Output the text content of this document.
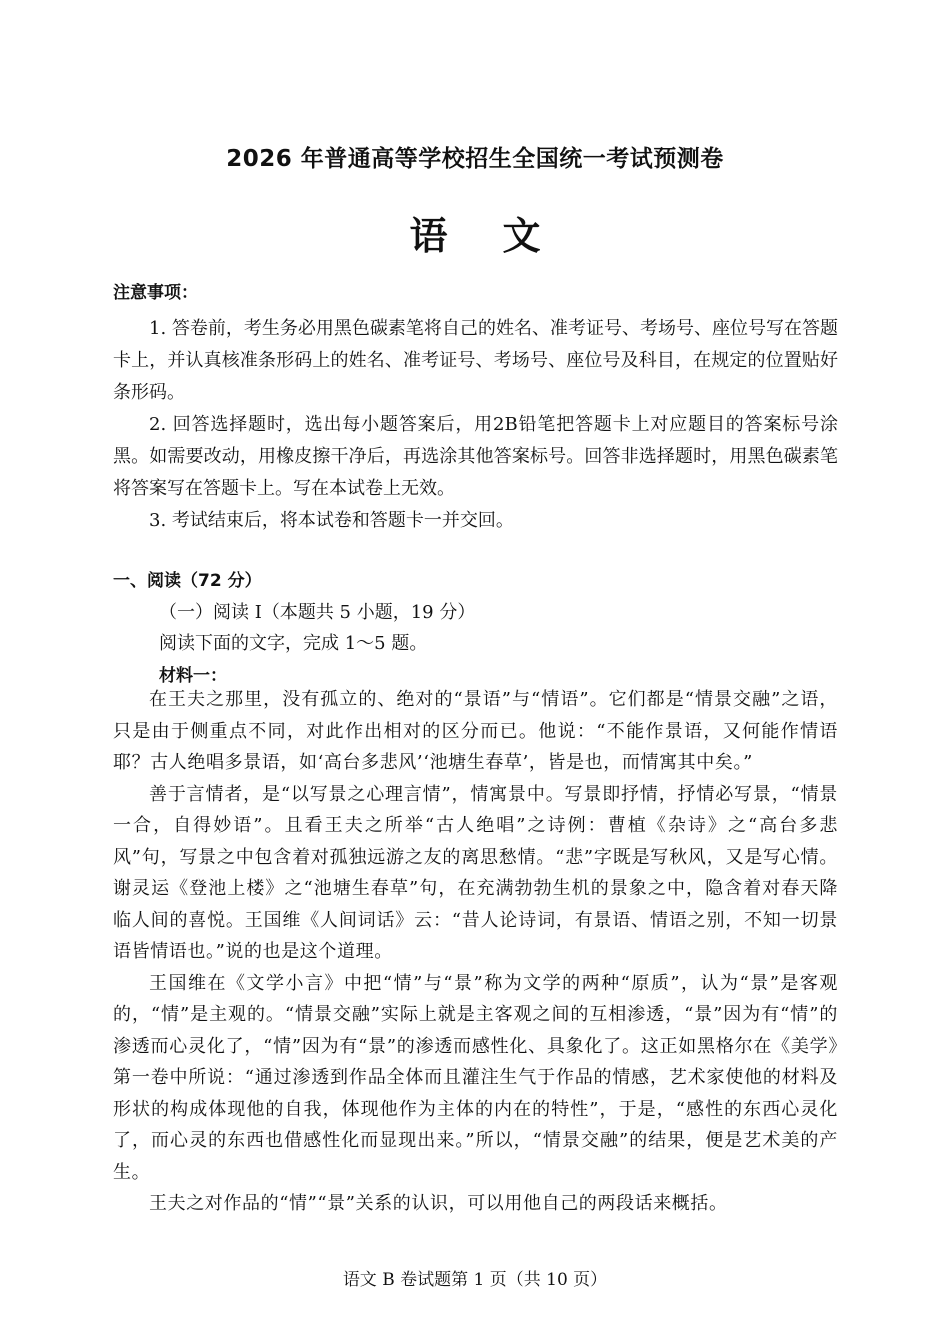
2026 年普通高等学校招生全国统一考试预测卷
语文
注意事项：

1. 答卷前，考生务必用黑色碳素笔将自己的姓名、准考证号、考场号、座位号写在答题卡上，并认真核准条形码上的姓名、准考证号、考场号、座位号及科目，在规定的位置贴好条形码。

2. 回答选择题时，选出每小题答案后，用2B铅笔把答题卡上对应题目的答案标号涂黑。如需要改动，用橡皮擦干净后，再选涂其他答案标号。回答非选择题时，用黑色碳素笔将答案写在答题卡上。写在本试卷上无效。

3. 考试结束后，将本试卷和答题卡一并交回。

一、阅读（72 分）
（一）阅读 I（本题共 5 小题，19 分）
阅读下面的文字，完成 1～5 题。
材料一：

在王夫之那里，没有孤立的、绝对的“景语”与“情语”。它们都是“情景交融”之语，只是由于侧重点不同，对此作出相对的区分而已。他说：“不能作景语，又何能作情语耶？古人绝唱多景语，如‘高台多悲风’‘池塘生春草’，皆是也，而情寓其中矣。”

善于言情者，是“以写景之心理言情”，情寓景中。写景即抒情，抒情必写景，“情景一合，自得妙语”。且看王夫之所举“古人绝唱”之诗例：曹植《杂诗》之“高台多悲风”句，写景之中包含着对孤独远游之友的离思愁情。“悲”字既是写秋风，又是写心情。谢灵运《登池上楼》之“池塘生春草”句，在充满勃勃生机的景象之中，隐含着对春天降临人间的喜悦。王国维《人间词话》云：“昔人论诗词，有景语、情语之别，不知一切景语皆情语也。”说的也是这个道理。

王国维在《文学小言》中把“情”与“景”称为文学的两种“原质”，认为“景”是客观的，“情”是主观的。“情景交融”实际上就是主客观之间的互相渗透，“景”因为有“情”的渗透而心灵化了，“情”因为有“景”的渗透而感性化、具象化了。这正如黑格尔在《美学》第一卷中所说：“通过渗透到作品全体而且灌注生气于作品的情感，艺术家使他的材料及形状的构成体现他的自我，体现他作为主体的内在的特性”，于是，“感性的东西心灵化了，而心灵的东西也借感性化而显现出来。”所以，“情景交融”的结果，便是艺术美的产生。

王夫之对作品的“情”“景”关系的认识，可以用他自己的两段话来概括。

语文 B 卷试题第 1 页（共 10 页）
